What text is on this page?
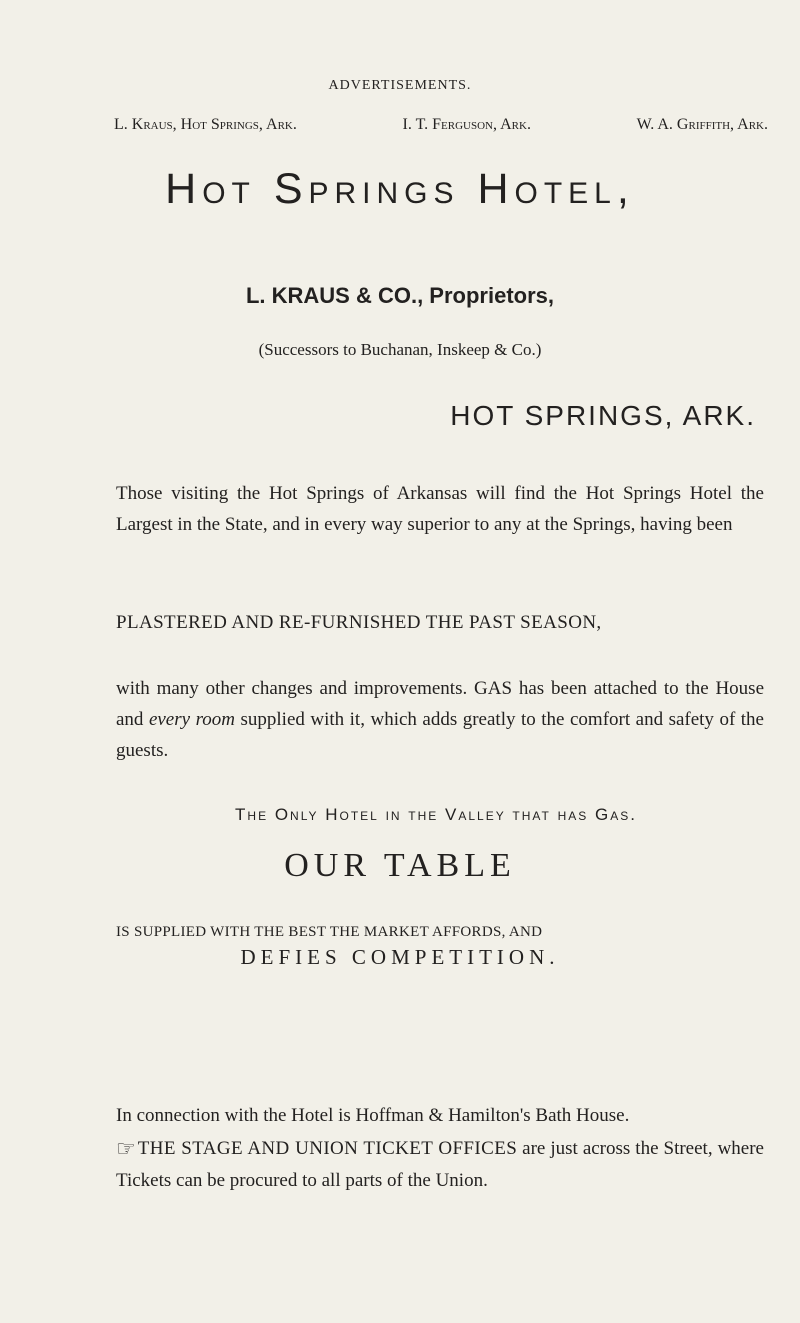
ADVERTISEMENTS.
L. Kraus, Hot Springs, Ark.	I. T. Ferguson, Ark.	W. A. Griffith, Ark.
Hot Springs Hotel,
L. KRAUS & CO., Proprietors,
(Successors to Buchanan, Inskeep & Co.)
HOT SPRINGS, ARK.

Those visiting the Hot Springs of Arkansas will find the Hot Springs Hotel the Largest in the State, and in every way superior to any at the Springs, having been

PLASTERED AND RE-FURNISHED THE PAST SEASON,

with many other changes and improvements. GAS has been attached to the House and every room supplied with it, which adds greatly to the comfort and safety of the guests.

The Only Hotel in the Valley that has Gas.
OUR TABLE
IS SUPPLIED WITH THE BEST THE MARKET AFFORDS, AND
DEFIES COMPETITION.

In connection with the Hotel is Hoffman & Hamilton's Bath House.

☞ THE STAGE AND UNION TICKET OFFICES are just across the Street, where Tickets can be procured to all parts of the Union.
